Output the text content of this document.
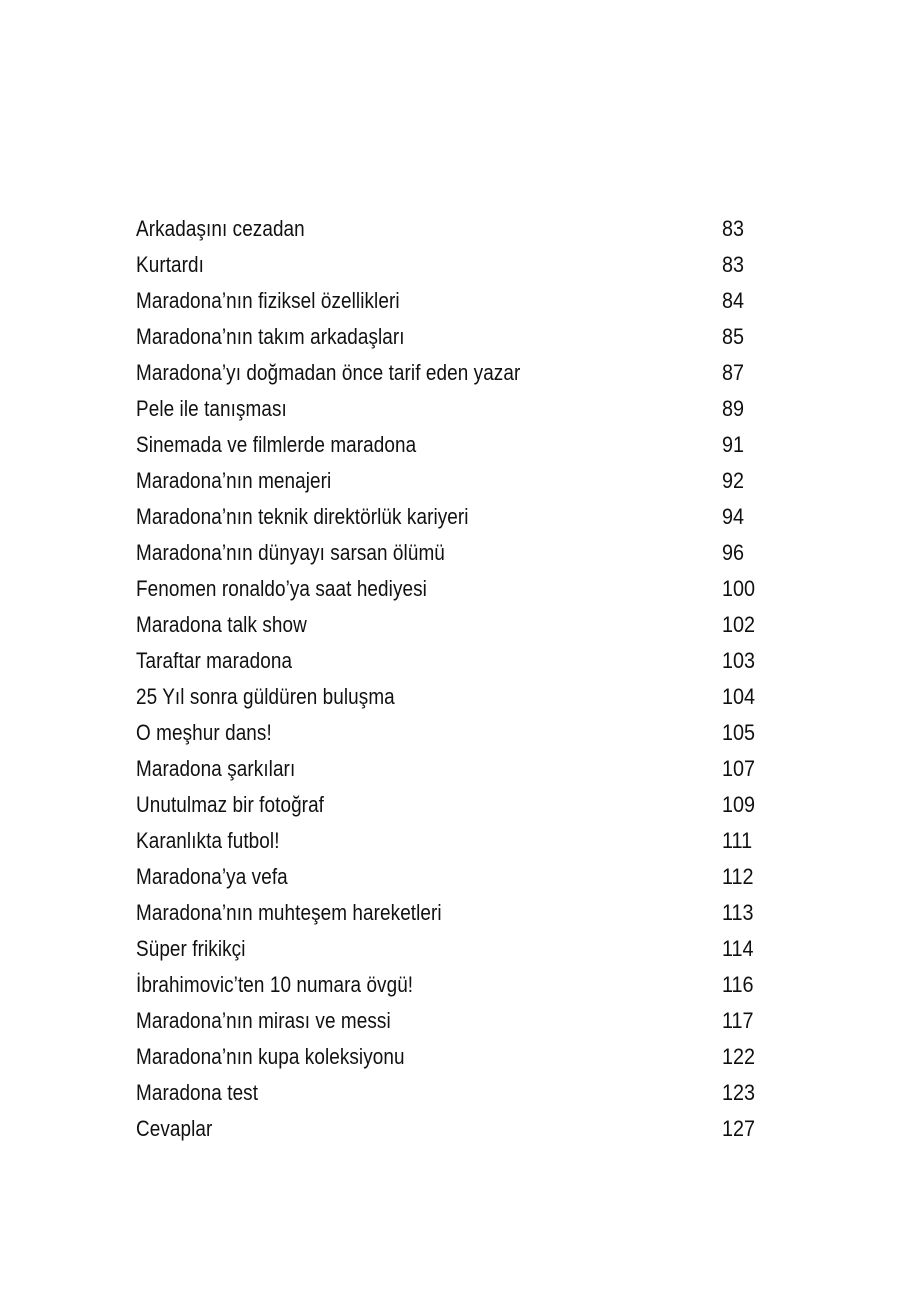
Arkadaşını cezadan	83
Kurtardı	83
Maradona’nın fiziksel özellikleri	84
Maradona’nın takım arkadaşları	85
Maradona’yı doğmadan önce tarif eden yazar	87
Pele ile tanışması	89
Sinemada ve filmlerde maradona	91
Maradona’nın menajeri	92
Maradona’nın teknik direktörlük kariyeri	94
Maradona’nın dünyayı sarsan ölümü	96
Fenomen ronaldo’ya saat hediyesi	100
Maradona talk show	102
Taraftar maradona	103
25 Yıl sonra güldüren buluşma	104
O meşhur dans!	105
Maradona şarkıları	107
Unutulmaz bir fotoğraf	109
Karanlıkta futbol!	111
Maradona’ya vefa	112
Maradona’nın muhteşem hareketleri	113
Süper frikikçi	114
İbrahimovic’ten 10 numara övgü!	116
Maradona’nın mirası ve messi	117
Maradona’nın kupa koleksiyonu	122
Maradona test	123
Cevaplar	127
